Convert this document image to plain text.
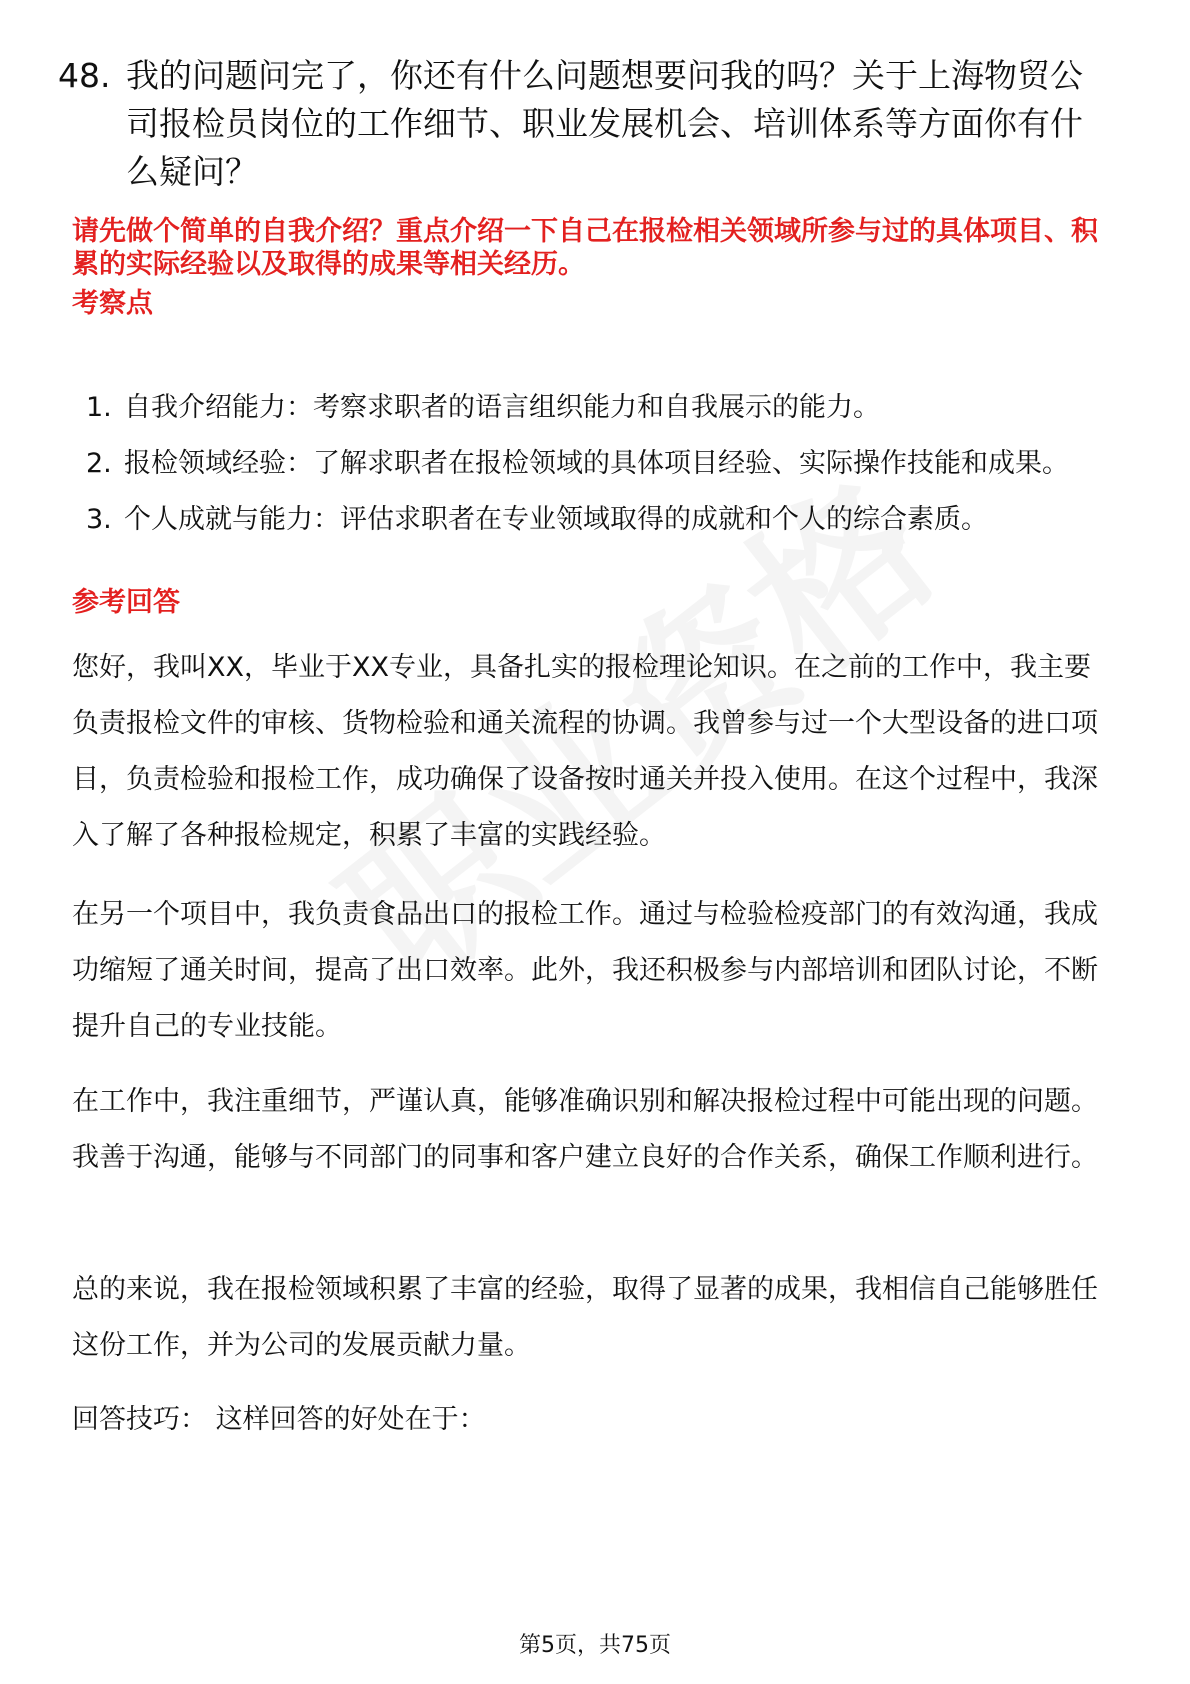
48. 我的问题问完了，你还有什么问题想要问我的吗？关于上海物贸公司报检员岗位的工作细节、职业发展机会、培训体系等方面你有什么疑问？
请先做个简单的自我介绍？重点介绍一下自己在报检相关领域所参与过的具体项目、积累的实际经验以及取得的成果等相关经历。
考察点
1. 自我介绍能力：考察求职者的语言组织能力和自我展示的能力。
2. 报检领域经验：了解求职者在报检领域的具体项目经验、实际操作技能和成果。
3. 个人成就与能力：评估求职者在专业领域取得的成就和个人的综合素质。
参考回答

您好，我叫XX，毕业于XX专业，具备扎实的报检理论知识。在之前的工作中，我主要负责报检文件的审核、货物检验和通关流程的协调。我曾参与过一个大型设备的进口项目，负责检验和报检工作，成功确保了设备按时通关并投入使用。在这个过程中，我深入了解了各种报检规定，积累了丰富的实践经验。

在另一个项目中，我负责食品出口的报检工作。通过与检验检疫部门的有效沟通，我成功缩短了通关时间，提高了出口效率。此外，我还积极参与内部培训和团队讨论，不断提升自己的专业技能。

在工作中，我注重细节，严谨认真，能够准确识别和解决报检过程中可能出现的问题。我善于沟通，能够与不同部门的同事和客户建立良好的合作关系，确保工作顺利进行。

总的来说，我在报检领域积累了丰富的经验，取得了显著的成果，我相信自己能够胜任这份工作，并为公司的发展贡献力量。

回答技巧： 这样回答的好处在于：

第5页，共75页
